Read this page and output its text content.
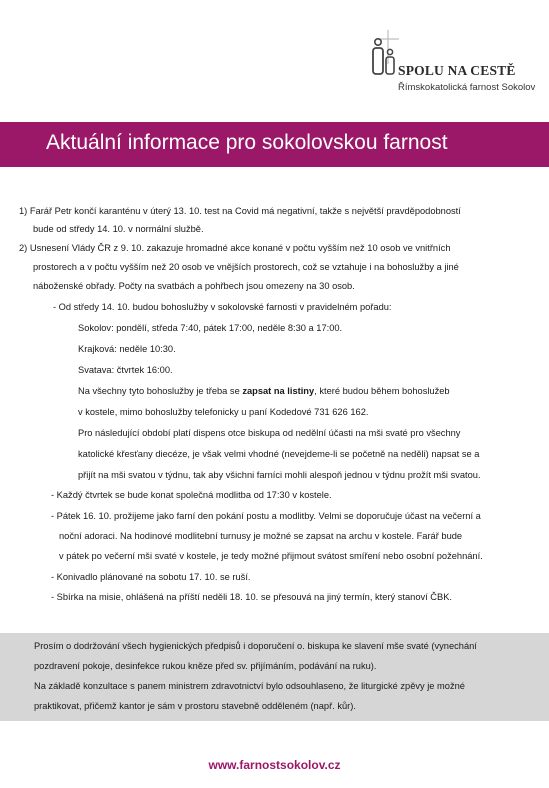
SPOLU NA CESTĚ
Římskokatolická farnost Sokolov
Aktuální informace pro sokolovskou farnost
1) Farář Petr končí karanténu v úterý 13. 10. test na Covid má negativní, takže s největší pravděpodobností
bude od středy 14. 10. v normální službě.
2) Usnesení Vlády ČR z 9. 10. zakazuje hromadné akce konané v počtu vyšším než 10 osob ve vnitřních
prostorech a v počtu vyšším než 20 osob ve vnějších prostorech, což se vztahuje i na bohoslužby a jiné
náboženské obřady. Počty na svatbách a pohřbech jsou omezeny na 30 osob.
- Od středy 14. 10. budou bohoslužby v sokolovské farnosti v pravidelném pořadu:
Sokolov: pondělí, středa 7:40, pátek 17:00, neděle 8:30 a 17:00.
Krajková: neděle 10:30.
Svatava: čtvrtek 16:00.
Na všechny tyto bohoslužby je třeba se zapsat na listiny, které budou během bohoslužeb
v kostele, mimo bohoslužby telefonicky u paní Kodedové 731 626 162.
Pro následující období platí dispens otce biskupa od nedělní účasti na mši svaté pro všechny
katolické křesťany diecéze, je však velmi vhodné (nevejdeme-li se početně na neděli) napsat se a
přijít na mši svatou v týdnu, tak aby všichni farníci mohli alespoň jednou v týdnu prožít mši svatou.
- Každý čtvrtek se bude konat společná modlitba od 17:30 v kostele.
- Pátek 16. 10. prožijeme jako farní den pokání postu a modlitby. Velmi se doporučuje účast na večerní a
noční adoraci. Na hodinové modlitební turnusy je možné se zapsat na archu v kostele. Farář bude
v pátek po večerní mši svaté v kostele, je tedy možné přijmout svátost smíření nebo osobní požehnání.
- Konivadlo plánované na sobotu 17. 10. se ruší.
- Sbírka na misie, ohlášená na příští neděli 18. 10. se přesouvá na jiný termín, který stanoví ČBK.
Prosím o dodržování všech hygienických předpisů i doporučení o. biskupa ke slavení mše svaté (vynechání
pozdravení pokoje, desinfekce rukou kněze před sv. přijímáním, podávání na ruku).
Na základě konzultace s panem ministrem zdravotnictví bylo odsouhlaseno, že liturgické zpěvy je možné
praktikovat, přičemž kantor je sám v prostoru stavebně odděleném (např. kůr).
www.farnostsokolov.cz
